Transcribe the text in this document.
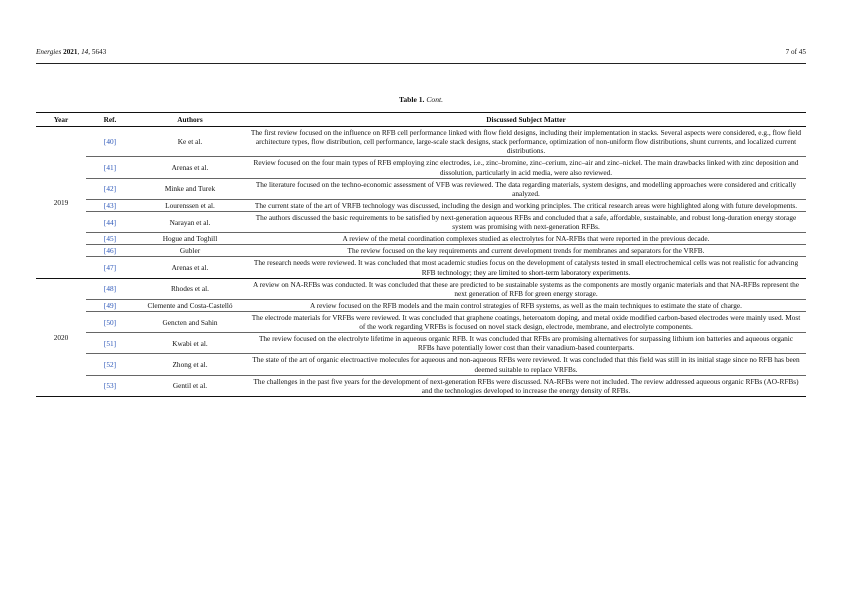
Energies 2021, 14, 5643	7 of 45
Table 1. Cont.
Year	Ref.	Authors	Discussed Subject Matter
2019	[40]	Ke et al.	The first review focused on the influence on RFB cell performance linked with flow field designs, including their implementation in stacks. Several aspects were considered, e.g., flow field architecture types, flow distribution, cell performance, large-scale stack designs, stack performance, optimization of non-uniform flow distributions, shunt currents, and localized current distributions.
	[41]	Arenas et al.	Review focused on the four main types of RFB employing zinc electrodes, i.e., zinc–bromine, zinc–cerium, zinc–air and zinc–nickel. The main drawbacks linked with zinc deposition and dissolution, particularly in acid media, were also reviewed.
	[42]	Minke and Turek	The literature focused on the techno-economic assessment of VFB was reviewed. The data regarding materials, system designs, and modelling approaches were considered and critically analyzed.
	[43]	Lourenssen et al.	The current state of the art of VRFB technology was discussed, including the design and working principles. The critical research areas were highlighted along with future developments.
	[44]	Narayan et al.	The authors discussed the basic requirements to be satisfied by next-generation aqueous RFBs and concluded that a safe, affordable, sustainable, and robust long-duration energy storage system was promising with next-generation RFBs.
	[45]	Hogue and Toghill	A review of the metal coordination complexes studied as electrolytes for NA-RFBs that were reported in the previous decade.
	[46]	Gubler	The review focused on the key requirements and current development trends for membranes and separators for the VRFB.
	[47]	Arenas et al.	The research needs were reviewed. It was concluded that most academic studies focus on the development of catalysts tested in small electrochemical cells was not realistic for advancing RFB technology; they are limited to short-term laboratory experiments.
2020	[48]	Rhodes et al.	A review on NA-RFBs was conducted. It was concluded that these are predicted to be sustainable systems as the components are mostly organic materials and that NA-RFBs represent the next generation of RFB for green energy storage.
	[49]	Clemente and Costa-Castelló	A review focused on the RFB models and the main control strategies of RFB systems, as well as the main techniques to estimate the state of charge.
	[50]	Gencten and Sahin	The electrode materials for VRFBs were reviewed. It was concluded that graphene coatings, heteroatom doping, and metal oxide modified carbon-based electrodes were mainly used. Most of the work regarding VRFBs is focused on novel stack design, electrode, membrane, and electrolyte components.
	[51]	Kwabi et al.	The review focused on the electrolyte lifetime in aqueous organic RFB. It was concluded that RFBs are promising alternatives for surpassing lithium ion batteries and aqueous organic RFBs have potentially lower cost than their vanadium-based counterparts.
	[52]	Zhong et al.	The state of the art of organic electroactive molecules for aqueous and non-aqueous RFBs were reviewed. It was concluded that this field was still in its initial stage since no RFB has been deemed suitable to replace VRFBs.
	[53]	Gentil et al.	The challenges in the past five years for the development of next-generation RFBs were discussed. NA-RFBs were not included. The review addressed aqueous organic RFBs (AO-RFBs) and the technologies developed to increase the energy density of RFBs.
